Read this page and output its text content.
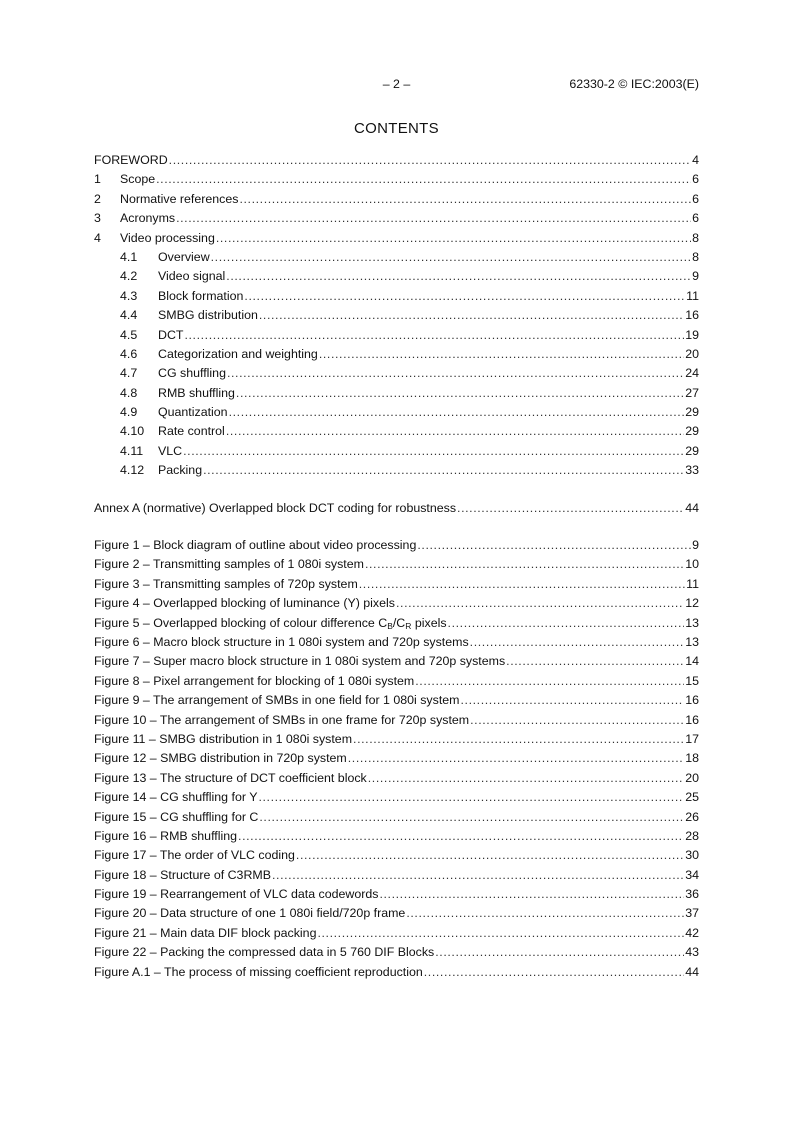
– 2 –	62330-2 © IEC:2003(E)
CONTENTS
FOREWORD .....	4
1	Scope .....	6
2	Normative references .....	6
3	Acronyms .....	6
4	Video processing .....	8
4.1	Overview .....	8
4.2	Video signal .....	9
4.3	Block formation .....	11
4.4	SMBG distribution .....	16
4.5	DCT .....	19
4.6	Categorization and weighting .....	20
4.7	CG shuffling .....	24
4.8	RMB shuffling .....	27
4.9	Quantization .....	29
4.10	Rate control .....	29
4.11	VLC .....	29
4.12	Packing .....	33
Annex A (normative) Overlapped block DCT coding for robustness .....	44
Figure 1 – Block diagram of outline about video processing .....	9
Figure 2 – Transmitting samples of 1 080i system .....	10
Figure 3 – Transmitting samples of 720p system .....	11
Figure 4 – Overlapped blocking of luminance (Y) pixels .....	12
Figure 5 – Overlapped blocking of colour difference $C_B/C_R$ pixels .....	13
Figure 6 – Macro block structure in 1 080i system and 720p systems .....	13
Figure 7 – Super macro block structure in 1 080i system and 720p systems .....	14
Figure 8 – Pixel arrangement for blocking of 1 080i system .....	15
Figure 9 – The arrangement of SMBs in one field for 1 080i system .....	16
Figure 10 – The arrangement of SMBs in one frame for 720p system .....	16
Figure 11 – SMBG distribution in 1 080i system .....	17
Figure 12 – SMBG distribution in 720p system .....	18
Figure 13 – The structure of DCT coefficient block .....	20
Figure 14 – CG shuffling for Y .....	25
Figure 15 – CG shuffling for C .....	26
Figure 16 – RMB shuffling .....	28
Figure 17 – The order of VLC coding .....	30
Figure 18 – Structure of C3RMB .....	34
Figure 19 – Rearrangement of VLC data codewords .....	36
Figure 20 – Data structure of one 1 080i field/720p frame .....	37
Figure 21 – Main data DIF block packing .....	42
Figure 22 – Packing the compressed data in 5 760 DIF Blocks .....	43
Figure A.1 – The process of missing coefficient reproduction .....	44
